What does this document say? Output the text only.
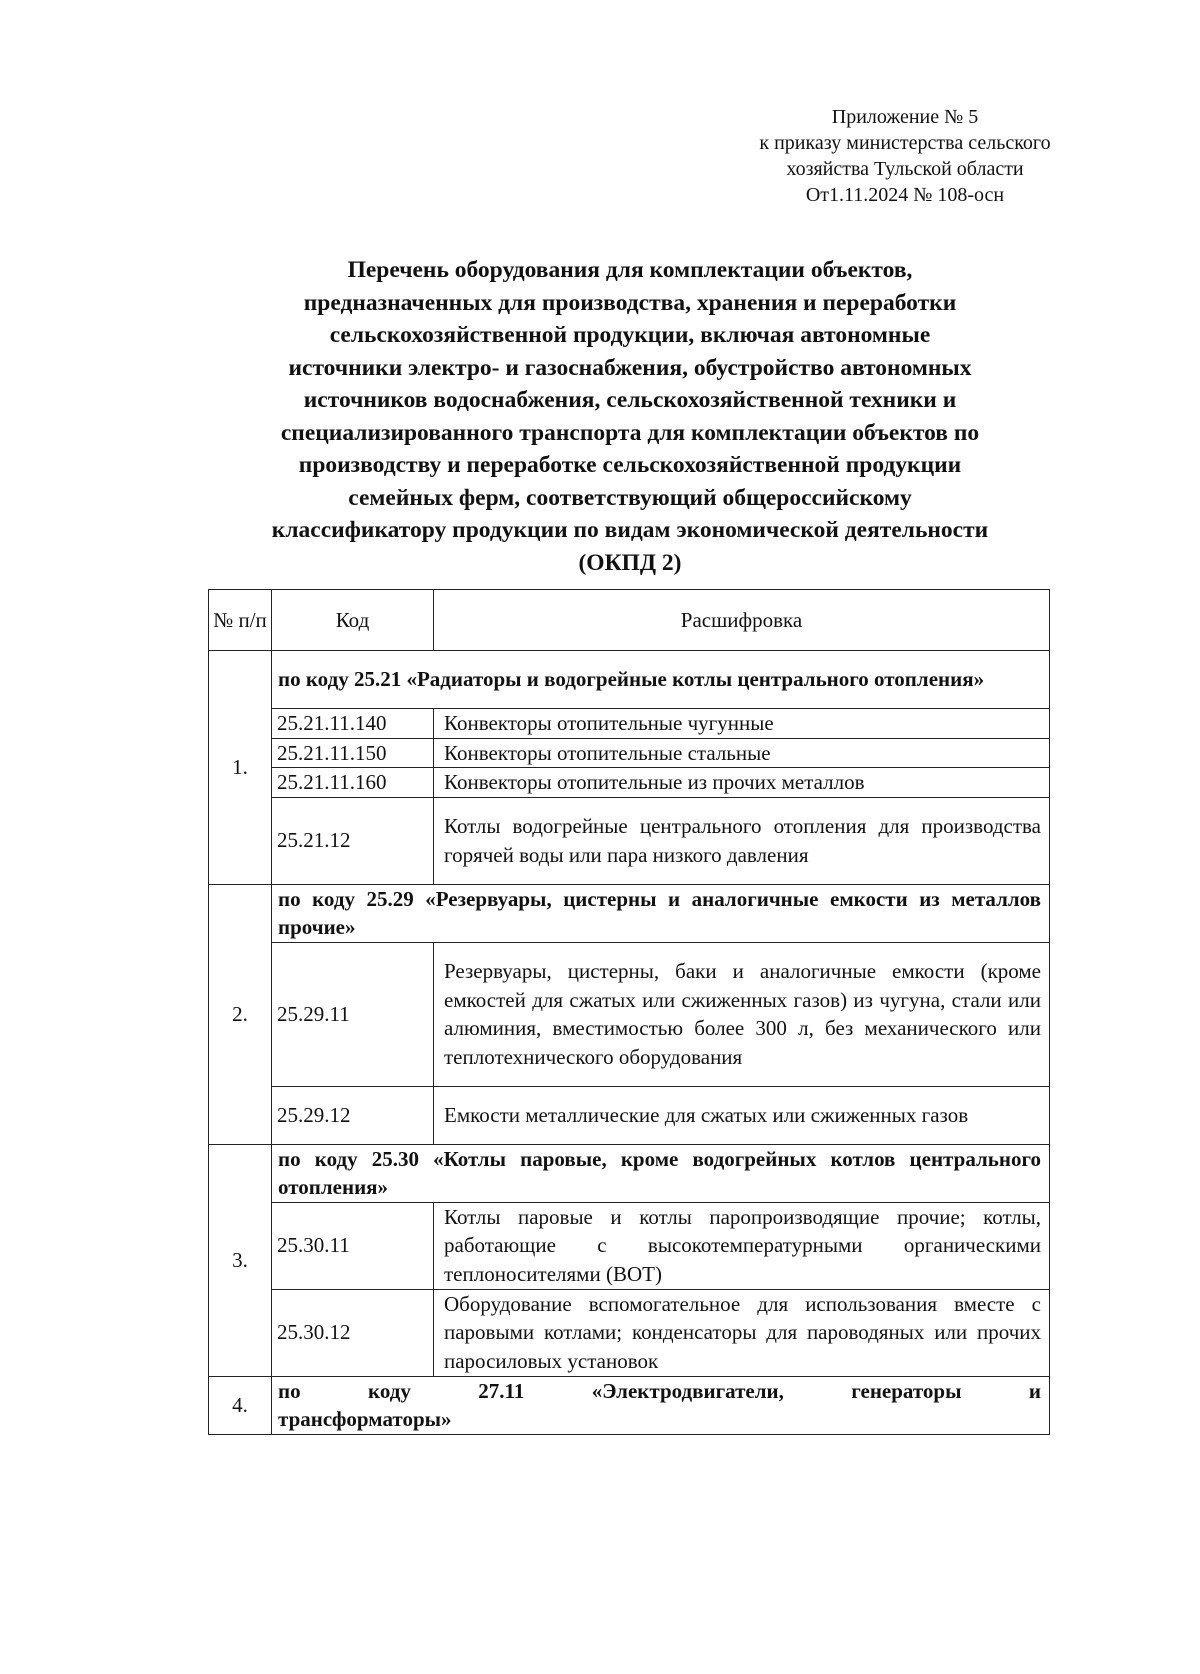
Приложение № 5
к приказу министерства сельского
хозяйства Тульской области
От1.11.2024 № 108-осн
Перечень оборудования для комплектации объектов,
предназначенных для производства, хранения и переработки
сельскохозяйственной продукции, включая автономные
источники электро- и газоснабжения, обустройство автономных
источников водоснабжения, сельскохозяйственной техники и
специализированного транспорта для комплектации объектов по
производству и переработке сельскохозяйственной продукции
семейных ферм, соответствующий общероссийскому
классификатору продукции по видам экономической деятельности
(ОКПД 2)
№ п/п	Код	Расшифровка
1.	по коду 25.21 «Радиаторы и водогрейные котлы центрального отопления»	
	25.21.11.140	Конвекторы отопительные чугунные
	25.21.11.150	Конвекторы отопительные стальные
	25.21.11.160	Конвекторы отопительные из прочих металлов
	25.21.12	Котлы водогрейные центрального отопления для производства горячей воды или пара низкого давления
2.	по коду 25.29 «Резервуары, цистерны и аналогичные емкости из металлов прочие»	
	25.29.11	Резервуары, цистерны, баки и аналогичные емкости (кроме емкостей для сжатых или сжиженных газов) из чугуна, стали или алюминия, вместимостью более 300 л, без механического или теплотехнического оборудования
	25.29.12	Емкости металлические для сжатых или сжиженных газов
3.	по коду 25.30 «Котлы паровые, кроме водогрейных котлов центрального отопления»	
	25.30.11	Котлы паровые и котлы паропроизводящие прочие; котлы, работающие с высокотемпературными органическими теплоносителями (ВОТ)
	25.30.12	Оборудование вспомогательное для использования вместе с паровыми котлами; конденсаторы для пароводяных или прочих паросиловых установок
4.	по коду 27.11 «Электродвигатели, генераторы и
трансформаторы»	
